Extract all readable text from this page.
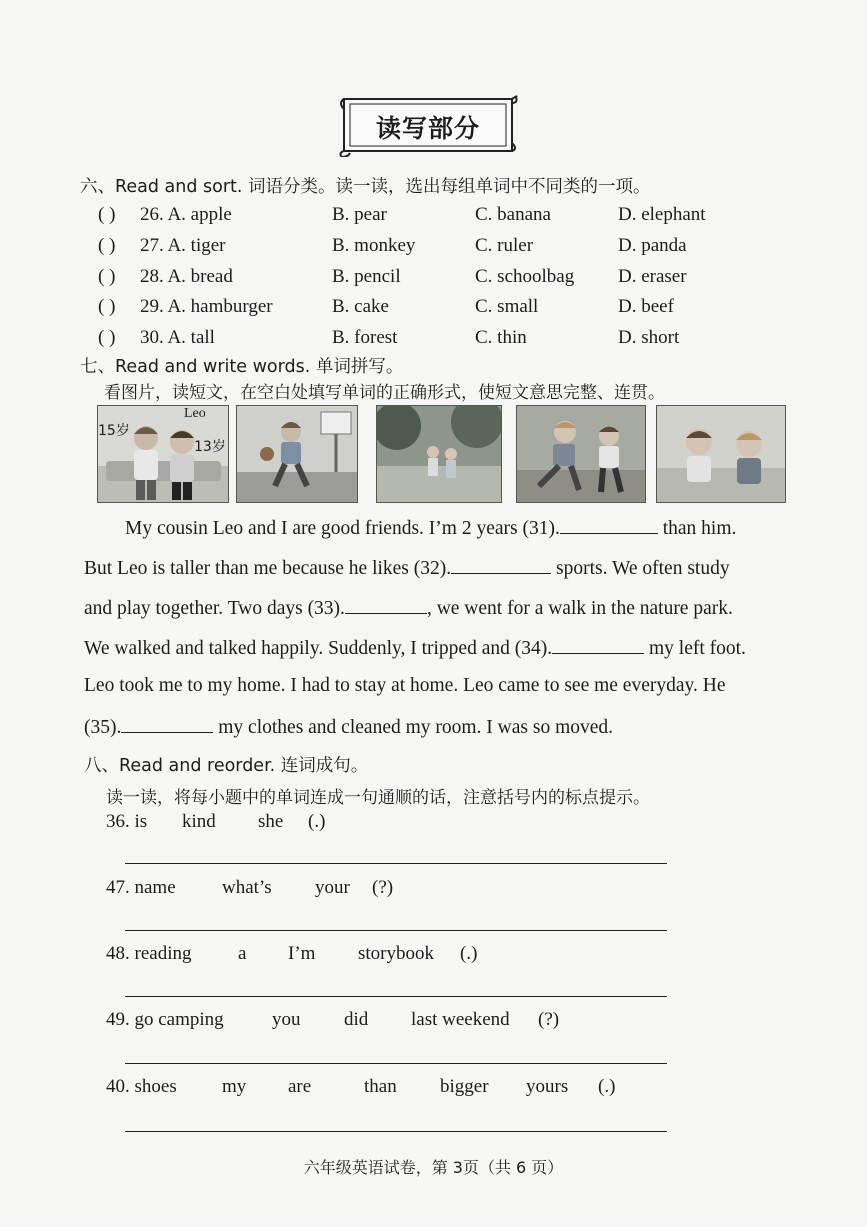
读写部分
六、Read and sort. 词语分类。读一读，选出每组单词中不同类的一项。
( ) 26. A. apple	B. pear	C. banana	D. elephant
( ) 27. A. tiger	B. monkey	C. ruler	D. panda
( ) 28. A. bread	B. pencil	C. schoolbag D. eraser
( ) 29. A. hamburger	B. cake	C. small	D. beef
( ) 30. A. tall	B. forest	C. thin	D. short
七、Read and write words. 单词拼写。
看图片，读短文，在空白处填写单词的正确形式，使短文意思完整、连贯。
15岁
Leo
13岁
My cousin Leo and I are good friends. I’m 2 years (31).	than him.
But Leo is taller than me because he likes (32).	sports. We often study
and play together. Two days (33).	, we went for a walk in the nature park.
We walked and talked happily. Suddenly, I tripped and (34).	my left foot.
Leo took me to my home. I had to stay at home. Leo came to see me everyday. He
(35).	my clothes and cleaned my room. I was so moved.
八、Read and reorder. 连词成句。
读一读，将每小题中的单词连成一句通顺的话，注意括号内的标点提示。
36. is kind she (.)
47. name what’s your (?)
48. reading a I’m storybook (.)
49. go camping	you did last weekend (?)
40. shoes my are	than bigger yours (.)
六年级英语试卷，第 3页（共 6 页）
